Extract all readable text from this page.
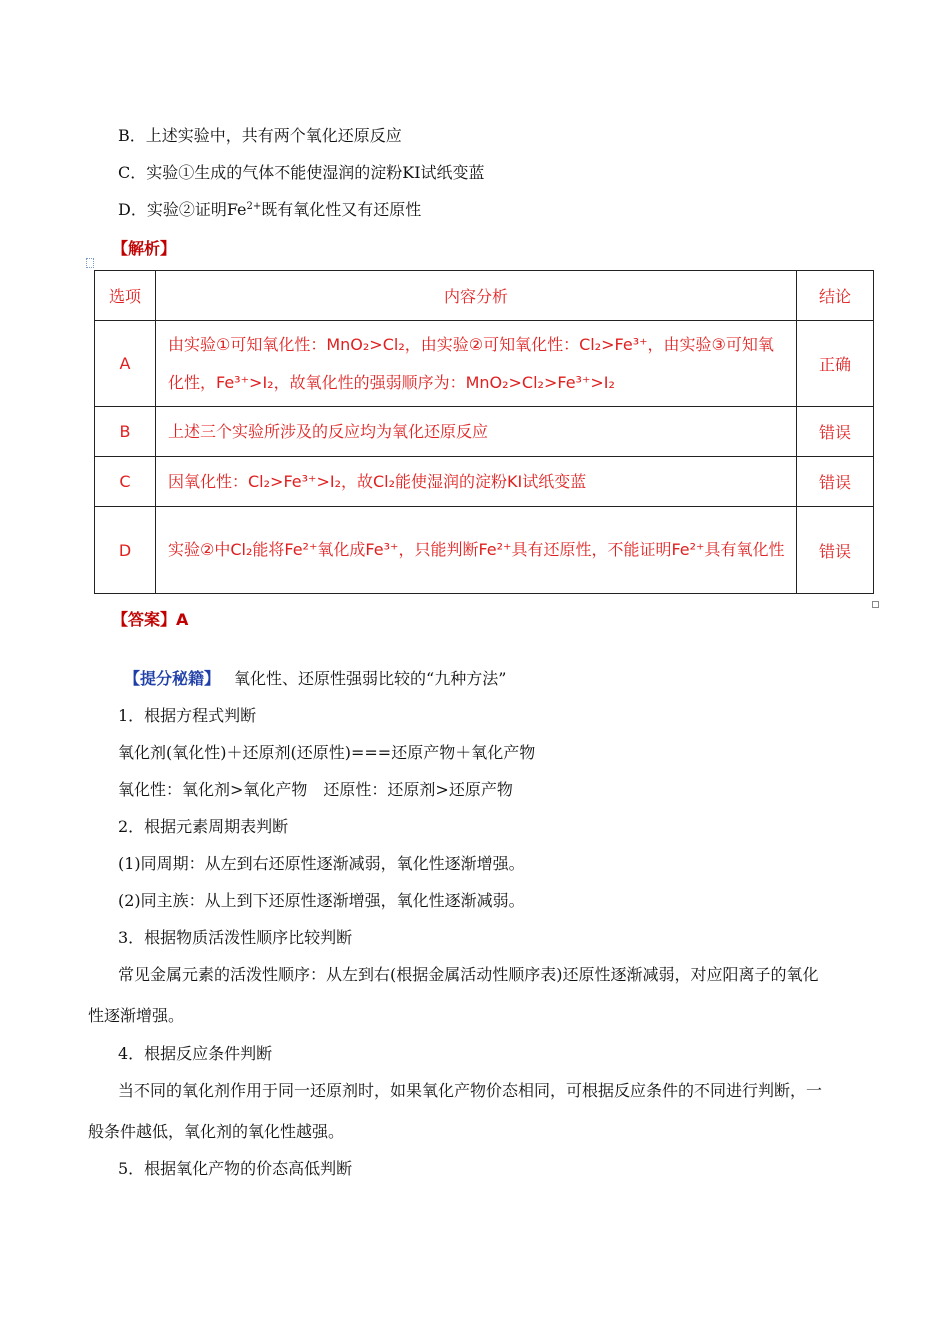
B．上述实验中，共有两个氧化还原反应
C．实验①生成的气体不能使湿润的淀粉KI试纸变蓝
D．实验②证明$Fe^{2+}$既有氧化性又有还原性
【解析】
选项	内容分析	结论
A	由实验①可知氧化性：MnO₂>Cl₂，由实验②可知氧化性：Cl₂>Fe³⁺，由实验③可知氧化性，Fe³⁺>I₂，故氧化性的强弱顺序为：MnO₂>Cl₂>Fe³⁺>I₂	正确
B	上述三个实验所涉及的反应均为氧化还原反应	错误
C	因氧化性：Cl₂>Fe³⁺>I₂，故Cl₂能使湿润的淀粉KI试纸变蓝	错误
D	实验②中Cl₂能将Fe²⁺氧化成Fe³⁺，只能判断Fe²⁺具有还原性，不能证明Fe²⁺具有氧化性	错误
【答案】A
【提分秘籍】 氧化性、还原性强弱比较的“九种方法”
1．根据方程式判断
氧化剂(氧化性)＋还原剂(还原性)===还原产物＋氧化产物
氧化性：氧化剂>氧化产物　还原性：还原剂>还原产物
2．根据元素周期表判断
(1)同周期：从左到右还原性逐渐减弱，氧化性逐渐增强。
(2)同主族：从上到下还原性逐渐增强，氧化性逐渐减弱。
3．根据物质活泼性顺序比较判断
常见金属元素的活泼性顺序：从左到右(根据金属活动性顺序表)还原性逐渐减弱，对应阳离子的氧化
性逐渐增强。
4．根据反应条件判断
当不同的氧化剂作用于同一还原剂时，如果氧化产物价态相同，可根据反应条件的不同进行判断，一
般条件越低，氧化剂的氧化性越强。
5．根据氧化产物的价态高低判断
